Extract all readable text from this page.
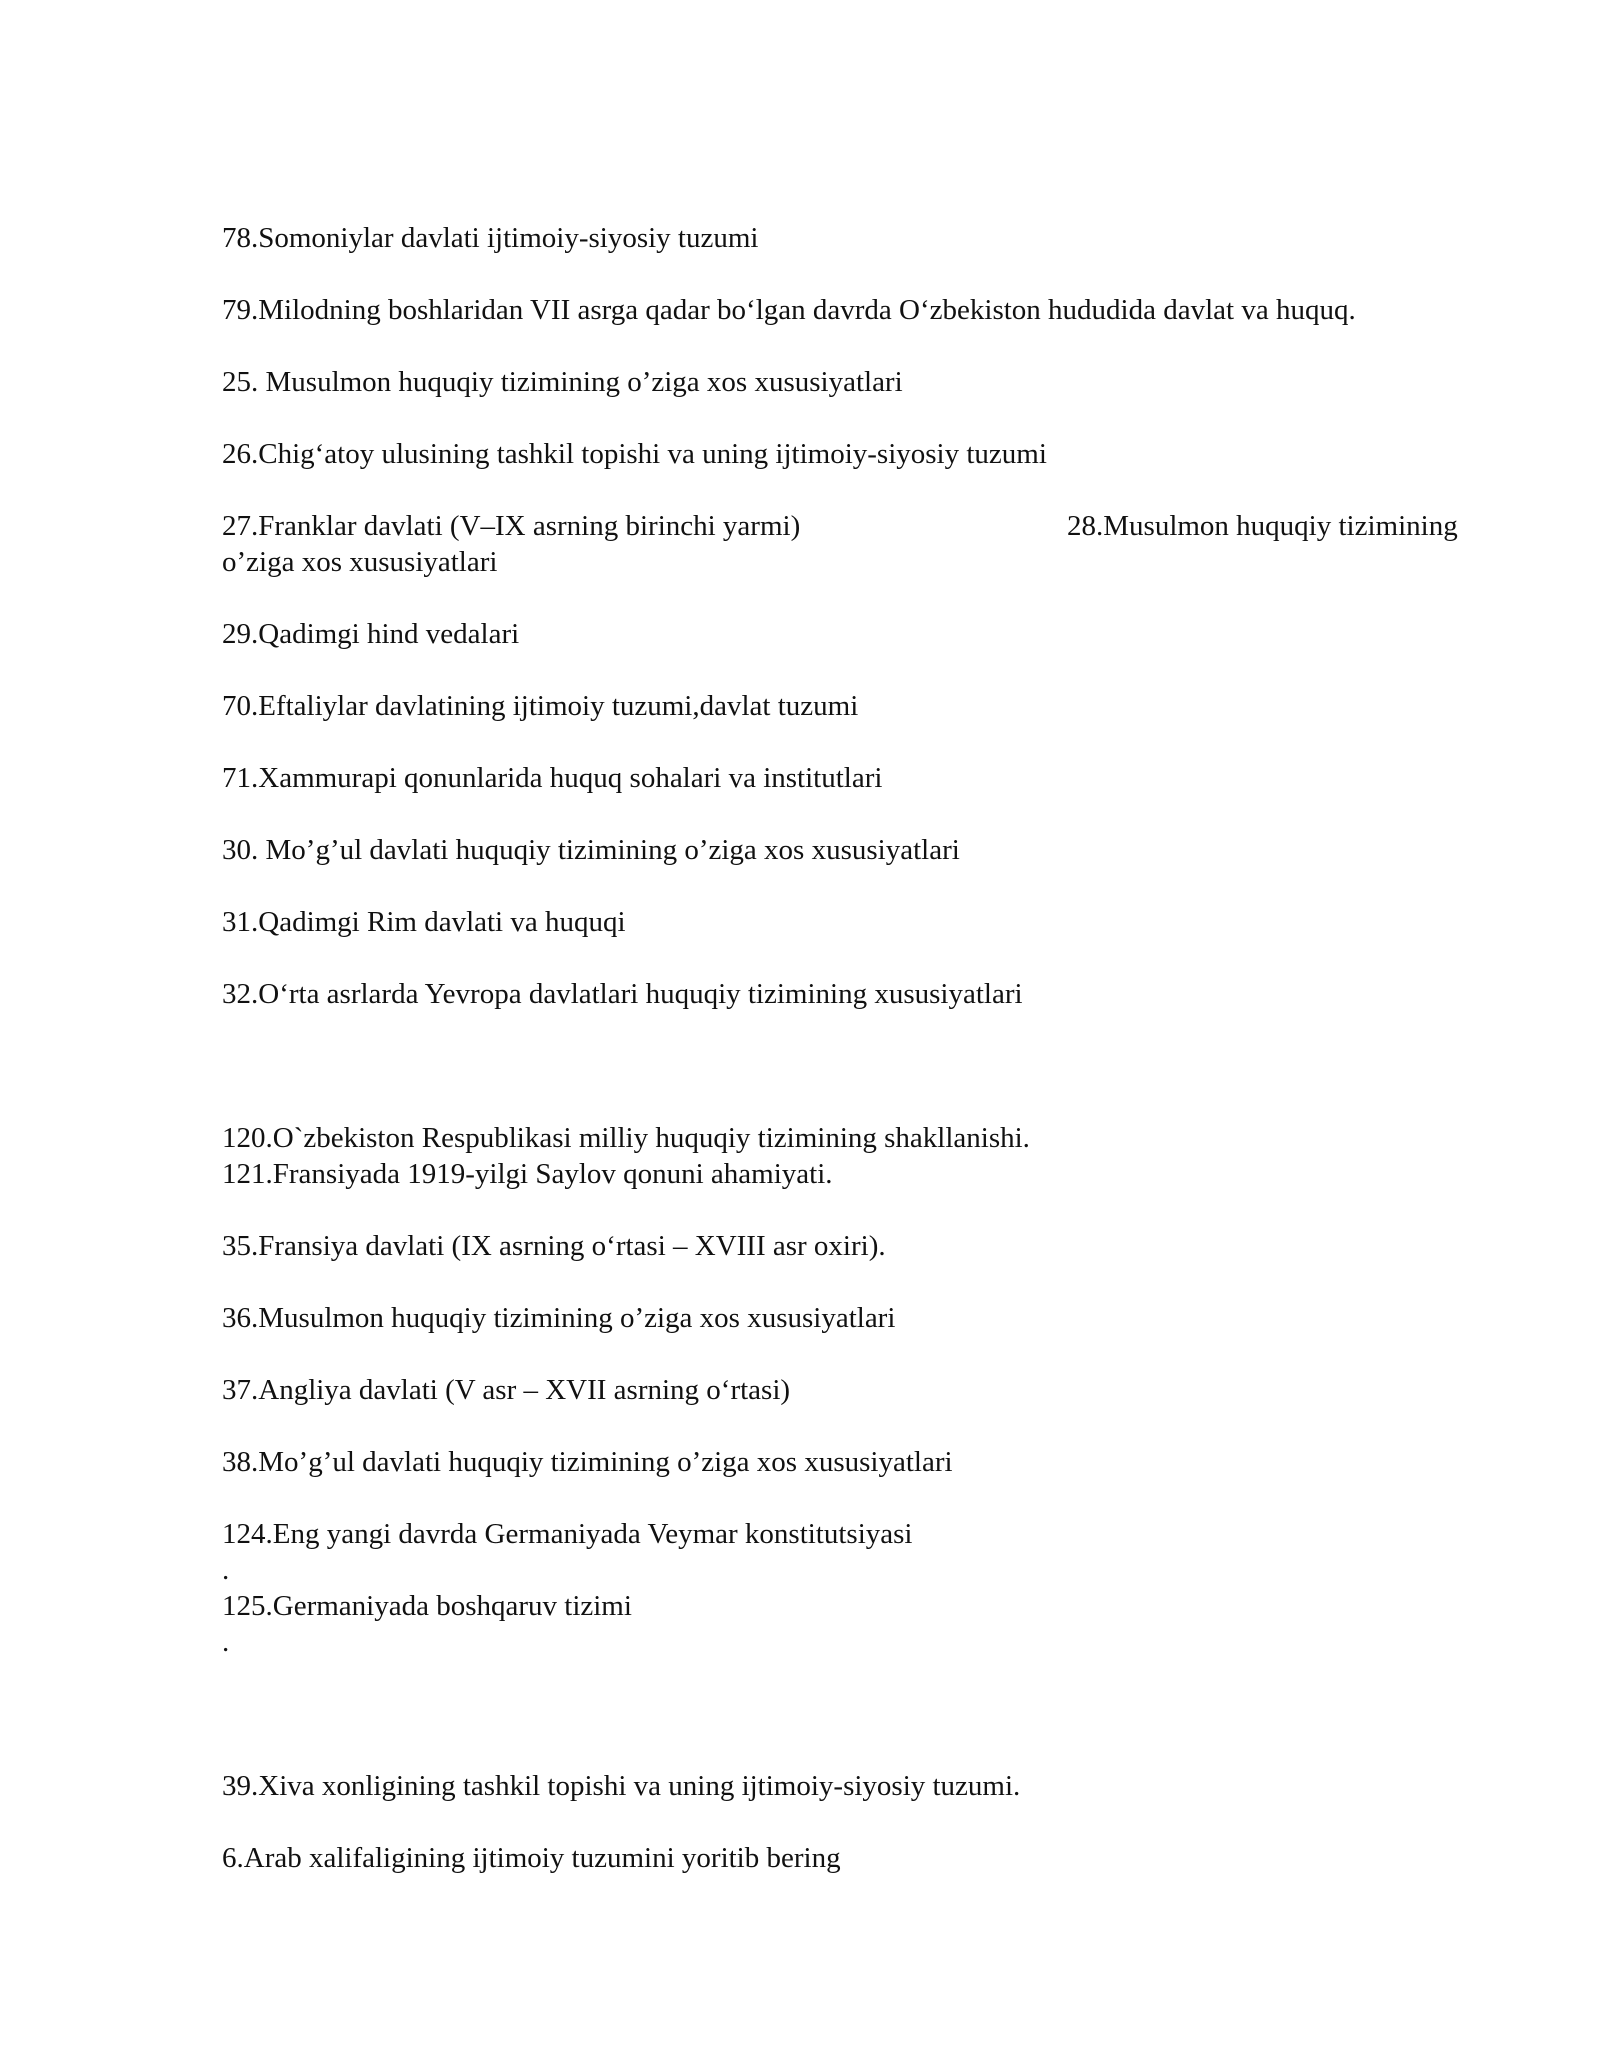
78.Somoniylar davlati ijtimoiy-siyosiy tuzumi

79.Milodning boshlaridan VII asrga qadar bo‘lgan davrda O‘zbekiston hududida davlat va huquq.

25. Musulmon huquqiy tizimining o’ziga xos xususiyatlari

26.Chig‘atoy ulusining tashkil topishi va uning ijtimoiy-siyosiy tuzumi

27.Franklar davlati (V–IX asrning birinchi yarmi)	28.Musulmon huquqiy tizimining

o’ziga xos xususiyatlari

29.Qadimgi hind vedalari

70.Eftaliylar davlatining ijtimoiy tuzumi,davlat tuzumi

71.Xammurapi qonunlarida huquq sohalari va institutlari

30. Mo’g’ul davlati huquqiy tizimining o’ziga xos xususiyatlari

31.Qadimgi Rim davlati va huquqi

32.O‘rta asrlarda Yevropa davlatlari huquqiy tizimining xususiyatlari

120.O`zbekiston Respublikasi milliy huquqiy tizimining shakllanishi.

121.Fransiyada 1919-yilgi Saylov qonuni ahamiyati.

35.Fransiya davlati (IX asrning o‘rtasi – XVIII asr oxiri).

36.Musulmon huquqiy tizimining o’ziga xos xususiyatlari

37.Angliya davlati (V asr – XVII asrning o‘rtasi)

38.Mo’g’ul davlati huquqiy tizimining o’ziga xos xususiyatlari

124.Eng yangi davrda Germaniyada Veymar konstitutsiyasi

.

125.Germaniyada boshqaruv tizimi

.

39.Xiva xonligining tashkil topishi va uning ijtimoiy-siyosiy tuzumi.

6.Arab xalifaligining ijtimoiy tuzumini yoritib bering
